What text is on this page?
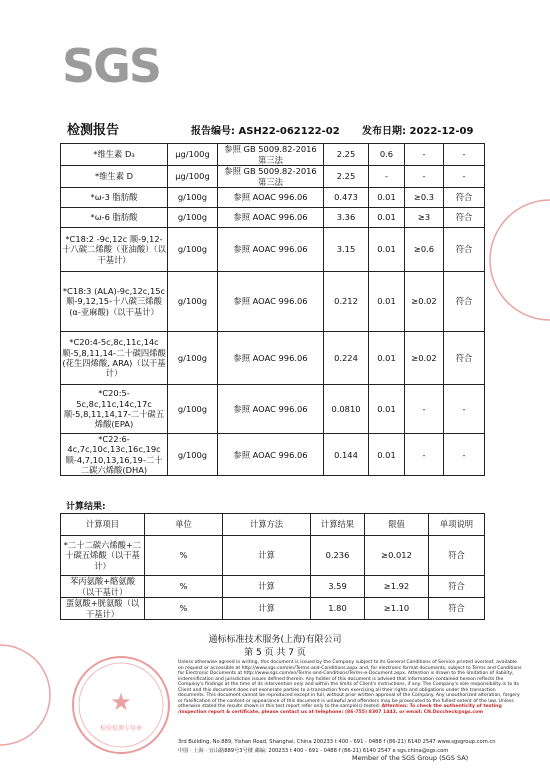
SGS
检测报告	报告编号: ASH22-062122-02 发布日期: 2022-12-09
*维生素 D₃	μg/100g	参照 GB 5009.82-2016 第三法	2.25	0.6	-	-
*维生素 D	μg/100g	参照 GB 5009.82-2016 第三法	2.25	-	-	-
*ω-3 脂肪酸	g/100g	参照 AOAC 996.06	0.473	0.01	≥0.3	符合
*ω-6 脂肪酸	g/100g	参照 AOAC 996.06	3.36	0.01	≥3	符合
*C18:2 -9c,12c 顺-9,12-十八碳二烯酸（亚油酸）（以干基计）	g/100g	参照 AOAC 996.06	3.15	0.01	≥0.6	符合
*C18:3 (ALA)-9c,12c,15c 顺-9,12,15-十八碳三烯酸(α-亚麻酸)（以干基计）	g/100g	参照 AOAC 996.06	0.212	0.01	≥0.02	符合
*C20:4-5c,8c,11c,14c 顺-5,8,11,14-二十碳四烯酸(花生四烯酸, ARA)（以干基计）	g/100g	参照 AOAC 996.06	0.224	0.01	≥0.02	符合
*C20:5-5c,8c,11c,14c,17c 顺-5,8,11,14,17-二十碳五烯酸(EPA)	g/100g	参照 AOAC 996.06	0.0810	0.01	-	-
*C22:6-4c,7c,10c,13c,16c,19c 顺-4,7,10,13,16,19-二十二碳六烯酸(DHA)	g/100g	参照 AOAC 996.06	0.144	0.01	-	-
计算结果:
计算项目	单位	计算方法	计算结果	限值	单项说明
*二十二碳六烯酸+二十碳五烯酸（以干基计）	%	计算	0.236	≥0.012	符合
苯丙氨酸+酪氨酸（以干基计）	%	计算	3.59	≥1.92	符合
蛋氨酸+胱氨酸（以干基计）	%	计算	1.80	≥1.10	符合
通标标准技术服务(上海)有限公司
第 5 页 共 7 页
★
检验检测专用章
Unless otherwise agreed in writing, this document is issued by the Company subject to its General Conditions of Service printed overleaf, available on request or accessible at http://www.sgs.com/en/Terms-and-Conditions.aspx and, for electronic format documents, subject to Terms and Conditions for Electronic Documents at http://www.sgs.com/en/Terms-and-Conditions/Terms-e-Document.aspx. Attention is drawn to the limitation of liability, indemnification and jurisdiction issues defined therein. Any holder of this document is advised that information contained hereon reflects the Company's findings at the time of its intervention only and within the limits of Client's instructions, if any. The Company's sole responsibility is to its Client and this document does not exonerate parties to a transaction from exercising all their rights and obligations under the transaction documents. This document cannot be reproduced except in full, without prior written approval of the Company. Any unauthorized alteration, forgery or falsification of the content or appearance of this document is unlawful and offenders may be prosecuted to the fullest extent of the law. Unless otherwise stated the results shown in this test report refer only to the sample(s) tested. Attention: To check the authenticity of testing /inspection report & certificate, please contact us at telephone: (86-755) 8307 1443, or email: CN.Doccheck@sgs.com
3rd Building, No.889, Yishan Road, Shanghai, China 200233 t 400 - 691 - 0488 f (86-21) 6140 2547 www.sgsgroup.com.cn
中国 · 上海 · 宜山路889号3号楼 邮编: 200233 t 400 - 691 - 0488 f (86-21) 6140 2547 e sgs.china@sgs.com
Member of the SGS Group (SGS SA)
